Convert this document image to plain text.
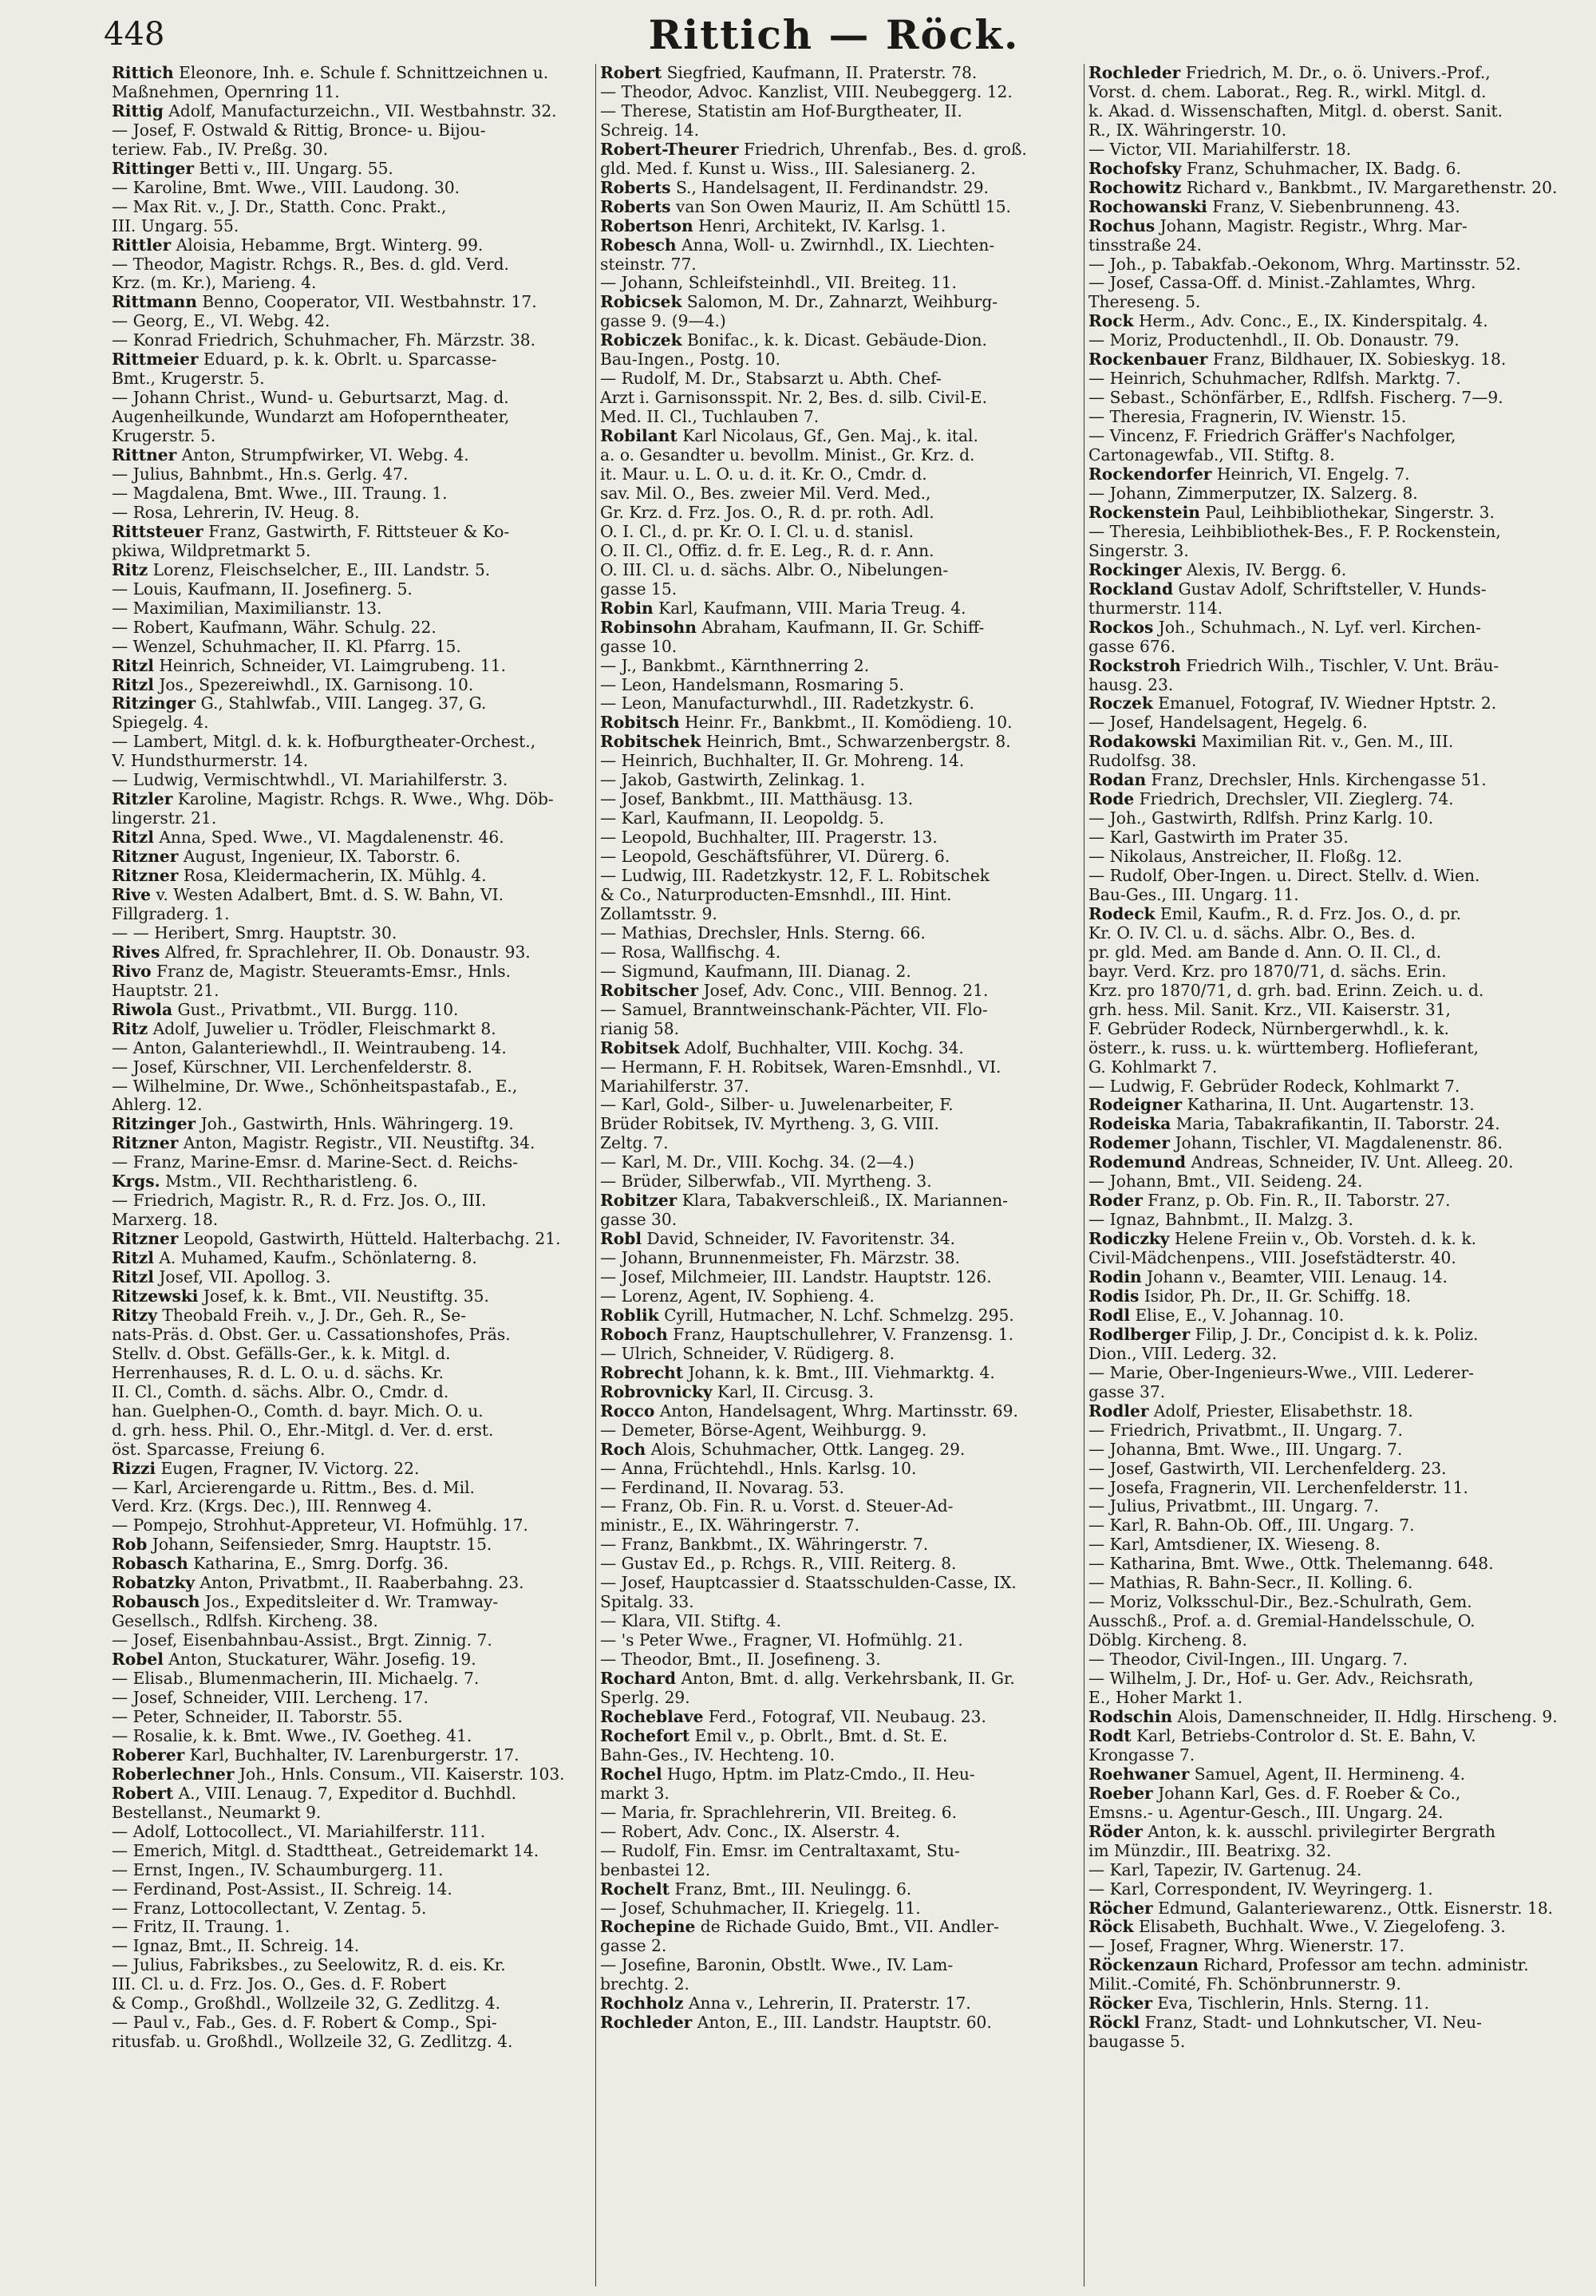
448	Rittich — Röck.
Rittich Eleonore, Inh. e. Schule f. Schnittzeichnen u.
Maßnehmen, Opernring 11.
Rittig Adolf, Manufacturzeichn., VII. Westbahnstr. 32.
— Josef, F. Ostwald & Rittig, Bronce- u. Bijou-
teriew. Fab., IV. Preßg. 30.
Rittinger Betti v., III. Ungarg. 55.
— Karoline, Bmt. Wwe., VIII. Laudong. 30.
— Max Rit. v., J. Dr., Statth. Conc. Prakt.,
III. Ungarg. 55.
Rittler Aloisia, Hebamme, Brgt. Winterg. 99.
— Theodor, Magistr. Rchgs. R., Bes. d. gld. Verd.
Krz. (m. Kr.), Marieng. 4.
Rittmann Benno, Cooperator, VII. Westbahnstr. 17.
— Georg, E., VI. Webg. 42.
— Konrad Friedrich, Schuhmacher, Fh. Märzstr. 38.
Rittmeier Eduard, p. k. k. Obrlt. u. Sparcasse-
Bmt., Krugerstr. 5.
— Johann Christ., Wund- u. Geburtsarzt, Mag. d.
Augenheilkunde, Wundarzt am Hofoperntheater,
Krugerstr. 5.
Rittner Anton, Strumpfwirker, VI. Webg. 4.
— Julius, Bahnbmt., Hn.s. Gerlg. 47.
— Magdalena, Bmt. Wwe., III. Traung. 1.
— Rosa, Lehrerin, IV. Heug. 8.
Rittsteuer Franz, Gastwirth, F. Rittsteuer & Ko-
pkiwa, Wildpretmarkt 5.
Ritz Lorenz, Fleischselcher, E., III. Landstr. 5.
— Louis, Kaufmann, II. Josefinerg. 5.
— Maximilian, Maximilianstr. 13.
— Robert, Kaufmann, Währ. Schulg. 22.
— Wenzel, Schuhmacher, II. Kl. Pfarrg. 15.
Ritzl Heinrich, Schneider, VI. Laimgrubeng. 11.
Ritzl Jos., Spezereiwhdl., IX. Garnisong. 10.
Ritzinger G., Stahlwfab., VIII. Langeg. 37, G.
Spiegelg. 4.
— Lambert, Mitgl. d. k. k. Hofburgtheater-Orchest.,
V. Hundsthurmerstr. 14.
— Ludwig, Vermischtwhdl., VI. Mariahilferstr. 3.
Ritzler Karoline, Magistr. Rchgs. R. Wwe., Whg. Döb-
lingerstr. 21.
Ritzl Anna, Sped. Wwe., VI. Magdalenenstr. 46.
Ritzner August, Ingenieur, IX. Taborstr. 6.
Ritzner Rosa, Kleidermacherin, IX. Mühlg. 4.
Rive v. Westen Adalbert, Bmt. d. S. W. Bahn, VI.
Fillgraderg. 1.
— — Heribert, Smrg. Hauptstr. 30.
Rives Alfred, fr. Sprachlehrer, II. Ob. Donaustr. 93.
Rivo Franz de, Magistr. Steueramts-Emsr., Hnls.
Hauptstr. 21.
Riwola Gust., Privatbmt., VII. Burgg. 110.
Ritz Adolf, Juwelier u. Trödler, Fleischmarkt 8.
— Anton, Galanteriewhdl., II. Weintraubeng. 14.
— Josef, Kürschner, VII. Lerchenfelderstr. 8.
— Wilhelmine, Dr. Wwe., Schönheitspastafab., E.,
Ahlerg. 12.
Ritzinger Joh., Gastwirth, Hnls. Währingerg. 19.
Ritzner Anton, Magistr. Registr., VII. Neustiftg. 34.
— Franz, Marine-Emsr. d. Marine-Sect. d. Reichs-
Krgs. Mstm., VII. Rechtharistleng. 6.
— Friedrich, Magistr. R., R. d. Frz. Jos. O., III.
Marxerg. 18.
Ritzner Leopold, Gastwirth, Hütteld. Halterbachg. 21.
Ritzl A. Muhamed, Kaufm., Schönlaterng. 8.
Ritzl Josef, VII. Apollog. 3.
Ritzewski Josef, k. k. Bmt., VII. Neustiftg. 35.
Ritzy Theobald Freih. v., J. Dr., Geh. R., Se-
nats-Präs. d. Obst. Ger. u. Cassationshofes, Präs.
Stellv. d. Obst. Gefälls-Ger., k. k. Mitgl. d.
Herrenhauses, R. d. L. O. u. d. sächs. Kr.
II. Cl., Comth. d. sächs. Albr. O., Cmdr. d.
han. Guelphen-O., Comth. d. bayr. Mich. O. u.
d. grh. hess. Phil. O., Ehr.-Mitgl. d. Ver. d. erst.
öst. Sparcasse, Freiung 6.
Rizzi Eugen, Fragner, IV. Victorg. 22.
— Karl, Arcierengarde u. Rittm., Bes. d. Mil.
Verd. Krz. (Krgs. Dec.), III. Rennweg 4.
— Pompejo, Strohhut-Appreteur, VI. Hofmühlg. 17.
Rob Johann, Seifensieder, Smrg. Hauptstr. 15.
Robasch Katharina, E., Smrg. Dorfg. 36.
Robatzky Anton, Privatbmt., II. Raaberbahng. 23.
Robausch Jos., Expeditsleiter d. Wr. Tramway-
Gesellsch., Rdlfsh. Kircheng. 38.
— Josef, Eisenbahnbau-Assist., Brgt. Zinnig. 7.
Robel Anton, Stuckaturer, Währ. Josefig. 19.
— Elisab., Blumenmacherin, III. Michaelg. 7.
— Josef, Schneider, VIII. Lercheng. 17.
— Peter, Schneider, II. Taborstr. 55.
— Rosalie, k. k. Bmt. Wwe., IV. Goetheg. 41.
Roberer Karl, Buchhalter, IV. Larenburgerstr. 17.
Roberlechner Joh., Hnls. Consum., VII. Kaiserstr. 103.
Robert A., VIII. Lenaug. 7, Expeditor d. Buchhdl.
Bestellanst., Neumarkt 9.
— Adolf, Lottocollect., VI. Mariahilferstr. 111.
— Emerich, Mitgl. d. Stadttheat., Getreidemarkt 14.
— Ernst, Ingen., IV. Schaumburgerg. 11.
— Ferdinand, Post-Assist., II. Schreig. 14.
— Franz, Lottocollectant, V. Zentag. 5.
— Fritz, II. Traung. 1.
— Ignaz, Bmt., II. Schreig. 14.
— Julius, Fabriksbes., zu Seelowitz, R. d. eis. Kr.
III. Cl. u. d. Frz. Jos. O., Ges. d. F. Robert
& Comp., Großhdl., Wollzeile 32, G. Zedlitzg. 4.
— Paul v., Fab., Ges. d. F. Robert & Comp., Spi-
ritusfab. u. Großhdl., Wollzeile 32, G. Zedlitzg. 4.
Robert Siegfried, Kaufmann, II. Praterstr. 78.
— Theodor, Advoc. Kanzlist, VIII. Neubeggerg. 12.
— Therese, Statistin am Hof-Burgtheater, II.
Schreig. 14.
Robert-Theurer Friedrich, Uhrenfab., Bes. d. groß.
gld. Med. f. Kunst u. Wiss., III. Salesianerg. 2.
Roberts S., Handelsagent, II. Ferdinandstr. 29.
Roberts van Son Owen Mauriz, II. Am Schüttl 15.
Robertson Henri, Architekt, IV. Karlsg. 1.
Robesch Anna, Woll- u. Zwirnhdl., IX. Liechten-
steinstr. 77.
— Johann, Schleifsteinhdl., VII. Breiteg. 11.
Robicsek Salomon, M. Dr., Zahnarzt, Weihburg-
gasse 9. (9—4.)
Robiczek Bonifac., k. k. Dicast. Gebäude-Dion.
Bau-Ingen., Postg. 10.
— Rudolf, M. Dr., Stabsarzt u. Abth. Chef-
Arzt i. Garnisonsspit. Nr. 2, Bes. d. silb. Civil-E.
Med. II. Cl., Tuchlauben 7.
Robilant Karl Nicolaus, Gf., Gen. Maj., k. ital.
a. o. Gesandter u. bevollm. Minist., Gr. Krz. d.
it. Maur. u. L. O. u. d. it. Kr. O., Cmdr. d.
sav. Mil. O., Bes. zweier Mil. Verd. Med.,
Gr. Krz. d. Frz. Jos. O., R. d. pr. roth. Adl.
O. I. Cl., d. pr. Kr. O. I. Cl. u. d. stanisl.
O. II. Cl., Offiz. d. fr. E. Leg., R. d. r. Ann.
O. III. Cl. u. d. sächs. Albr. O., Nibelungen-
gasse 15.
Robin Karl, Kaufmann, VIII. Maria Treug. 4.
Robinsohn Abraham, Kaufmann, II. Gr. Schiff-
gasse 10.
— J., Bankbmt., Kärnthnerring 2.
— Leon, Handelsmann, Rosmaring 5.
— Leon, Manufacturwhdl., III. Radetzkystr. 6.
Robitsch Heinr. Fr., Bankbmt., II. Komödieng. 10.
Robitschek Heinrich, Bmt., Schwarzenbergstr. 8.
— Heinrich, Buchhalter, II. Gr. Mohreng. 14.
— Jakob, Gastwirth, Zelinkag. 1.
— Josef, Bankbmt., III. Matthäusg. 13.
— Karl, Kaufmann, II. Leopoldg. 5.
— Leopold, Buchhalter, III. Pragerstr. 13.
— Leopold, Geschäftsführer, VI. Dürerg. 6.
— Ludwig, III. Radetzkystr. 12, F. L. Robitschek
& Co., Naturproducten-Emsnhdl., III. Hint.
Zollamtsstr. 9.
— Mathias, Drechsler, Hnls. Sterng. 66.
— Rosa, Wallfischg. 4.
— Sigmund, Kaufmann, III. Dianag. 2.
Robitscher Josef, Adv. Conc., VIII. Bennog. 21.
— Samuel, Branntweinschank-Pächter, VII. Flo-
rianig 58.
Robitsek Adolf, Buchhalter, VIII. Kochg. 34.
— Hermann, F. H. Robitsek, Waren-Emsnhdl., VI.
Mariahilferstr. 37.
— Karl, Gold-, Silber- u. Juwelenarbeiter, F.
Brüder Robitsek, IV. Myrtheng. 3, G. VIII.
Zeltg. 7.
— Karl, M. Dr., VIII. Kochg. 34. (2—4.)
— Brüder, Silberwfab., VII. Myrtheng. 3.
Robitzer Klara, Tabakverschleiß., IX. Mariannen-
gasse 30.
Robl David, Schneider, IV. Favoritenstr. 34.
— Johann, Brunnenmeister, Fh. Märzstr. 38.
— Josef, Milchmeier, III. Landstr. Hauptstr. 126.
— Lorenz, Agent, IV. Sophieng. 4.
Roblik Cyrill, Hutmacher, N. Lchf. Schmelzg. 295.
Roboch Franz, Hauptschullehrer, V. Franzensg. 1.
— Ulrich, Schneider, V. Rüdigerg. 8.
Robrecht Johann, k. k. Bmt., III. Viehmarktg. 4.
Robrovnicky Karl, II. Circusg. 3.
Rocco Anton, Handelsagent, Whrg. Martinsstr. 69.
— Demeter, Börse-Agent, Weihburgg. 9.
Roch Alois, Schuhmacher, Ottk. Langeg. 29.
— Anna, Früchtehdl., Hnls. Karlsg. 10.
— Ferdinand, II. Novarag. 53.
— Franz, Ob. Fin. R. u. Vorst. d. Steuer-Ad-
ministr., E., IX. Währingerstr. 7.
— Franz, Bankbmt., IX. Währingerstr. 7.
— Gustav Ed., p. Rchgs. R., VIII. Reiterg. 8.
— Josef, Hauptcassier d. Staatsschulden-Casse, IX.
Spitalg. 33.
— Klara, VII. Stiftg. 4.
— 's Peter Wwe., Fragner, VI. Hofmühlg. 21.
— Theodor, Bmt., II. Josefineng. 3.
Rochard Anton, Bmt. d. allg. Verkehrsbank, II. Gr.
Sperlg. 29.
Rocheblave Ferd., Fotograf, VII. Neubaug. 23.
Rochefort Emil v., p. Obrlt., Bmt. d. St. E.
Bahn-Ges., IV. Hechteng. 10.
Rochel Hugo, Hptm. im Platz-Cmdo., II. Heu-
markt 3.
— Maria, fr. Sprachlehrerin, VII. Breiteg. 6.
— Robert, Adv. Conc., IX. Alserstr. 4.
— Rudolf, Fin. Emsr. im Centraltaxamt, Stu-
benbastei 12.
Rochelt Franz, Bmt., III. Neulingg. 6.
— Josef, Schuhmacher, II. Kriegelg. 11.
Rochepine de Richade Guido, Bmt., VII. Andler-
gasse 2.
— Josefine, Baronin, Obstlt. Wwe., IV. Lam-
brechtg. 2.
Rochholz Anna v., Lehrerin, II. Praterstr. 17.
Rochleder Anton, E., III. Landstr. Hauptstr. 60.
Rochleder Friedrich, M. Dr., o. ö. Univers.-Prof.,
Vorst. d. chem. Laborat., Reg. R., wirkl. Mitgl. d.
k. Akad. d. Wissenschaften, Mitgl. d. oberst. Sanit.
R., IX. Währingerstr. 10.
— Victor, VII. Mariahilferstr. 18.
Rochofsky Franz, Schuhmacher, IX. Badg. 6.
Rochowitz Richard v., Bankbmt., IV. Margarethenstr. 20.
Rochowanski Franz, V. Siebenbrunneng. 43.
Rochus Johann, Magistr. Registr., Whrg. Mar-
tinsstraße 24.
— Joh., p. Tabakfab.-Oekonom, Whrg. Martinsstr. 52.
— Josef, Cassa-Off. d. Minist.-Zahlamtes, Whrg.
Thereseng. 5.
Rock Herm., Adv. Conc., E., IX. Kinderspitalg. 4.
— Moriz, Productenhdl., II. Ob. Donaustr. 79.
Rockenbauer Franz, Bildhauer, IX. Sobieskyg. 18.
— Heinrich, Schuhmacher, Rdlfsh. Marktg. 7.
— Sebast., Schönfärber, E., Rdlfsh. Fischerg. 7—9.
— Theresia, Fragnerin, IV. Wienstr. 15.
— Vincenz, F. Friedrich Gräffer's Nachfolger,
Cartonagewfab., VII. Stiftg. 8.
Rockendorfer Heinrich, VI. Engelg. 7.
— Johann, Zimmerputzer, IX. Salzerg. 8.
Rockenstein Paul, Leihbibliothekar, Singerstr. 3.
— Theresia, Leihbibliothek-Bes., F. P. Rockenstein,
Singerstr. 3.
Rockinger Alexis, IV. Bergg. 6.
Rockland Gustav Adolf, Schriftsteller, V. Hunds-
thurmerstr. 114.
Rockos Joh., Schuhmach., N. Lyf. verl. Kirchen-
gasse 676.
Rockstroh Friedrich Wilh., Tischler, V. Unt. Bräu-
hausg. 23.
Roczek Emanuel, Fotograf, IV. Wiedner Hptstr. 2.
— Josef, Handelsagent, Hegelg. 6.
Rodakowski Maximilian Rit. v., Gen. M., III.
Rudolfsg. 38.
Rodan Franz, Drechsler, Hnls. Kirchengasse 51.
Rode Friedrich, Drechsler, VII. Zieglerg. 74.
— Joh., Gastwirth, Rdlfsh. Prinz Karlg. 10.
— Karl, Gastwirth im Prater 35.
— Nikolaus, Anstreicher, II. Floßg. 12.
— Rudolf, Ober-Ingen. u. Direct. Stellv. d. Wien.
Bau-Ges., III. Ungarg. 11.
Rodeck Emil, Kaufm., R. d. Frz. Jos. O., d. pr.
Kr. O. IV. Cl. u. d. sächs. Albr. O., Bes. d.
pr. gld. Med. am Bande d. Ann. O. II. Cl., d.
bayr. Verd. Krz. pro 1870/71, d. sächs. Erin.
Krz. pro 1870/71, d. grh. bad. Erinn. Zeich. u. d.
grh. hess. Mil. Sanit. Krz., VII. Kaiserstr. 31,
F. Gebrüder Rodeck, Nürnbergerwhdl., k. k.
österr., k. russ. u. k. württemberg. Hoflieferant,
G. Kohlmarkt 7.
— Ludwig, F. Gebrüder Rodeck, Kohlmarkt 7.
Rodeigner Katharina, II. Unt. Augartenstr. 13.
Rodeiska Maria, Tabakrafikantin, II. Taborstr. 24.
Rodemer Johann, Tischler, VI. Magdalenenstr. 86.
Rodemund Andreas, Schneider, IV. Unt. Alleeg. 20.
— Johann, Bmt., VII. Seideng. 24.
Roder Franz, p. Ob. Fin. R., II. Taborstr. 27.
— Ignaz, Bahnbmt., II. Malzg. 3.
Rodiczky Helene Freiin v., Ob. Vorsteh. d. k. k.
Civil-Mädchenpens., VIII. Josefstädterstr. 40.
Rodin Johann v., Beamter, VIII. Lenaug. 14.
Rodis Isidor, Ph. Dr., II. Gr. Schiffg. 18.
Rodl Elise, E., V. Johannag. 10.
Rodlberger Filip, J. Dr., Concipist d. k. k. Poliz.
Dion., VIII. Lederg. 32.
— Marie, Ober-Ingenieurs-Wwe., VIII. Lederer-
gasse 37.
Rodler Adolf, Priester, Elisabethstr. 18.
— Friedrich, Privatbmt., II. Ungarg. 7.
— Johanna, Bmt. Wwe., III. Ungarg. 7.
— Josef, Gastwirth, VII. Lerchenfelderg. 23.
— Josefa, Fragnerin, VII. Lerchenfelderstr. 11.
— Julius, Privatbmt., III. Ungarg. 7.
— Karl, R. Bahn-Ob. Off., III. Ungarg. 7.
— Karl, Amtsdiener, IX. Wieseng. 8.
— Katharina, Bmt. Wwe., Ottk. Thelemanng. 648.
— Mathias, R. Bahn-Secr., II. Kolling. 6.
— Moriz, Volksschul-Dir., Bez.-Schulrath, Gem.
Ausschß., Prof. a. d. Gremial-Handelsschule, O.
Döblg. Kircheng. 8.
— Theodor, Civil-Ingen., III. Ungarg. 7.
— Wilhelm, J. Dr., Hof- u. Ger. Adv., Reichsrath,
E., Hoher Markt 1.
Rodschin Alois, Damenschneider, II. Hdlg. Hirscheng. 9.
Rodt Karl, Betriebs-Controlor d. St. E. Bahn, V.
Krongasse 7.
Roehwaner Samuel, Agent, II. Hermineng. 4.
Roeber Johann Karl, Ges. d. F. Roeber & Co.,
Emsns.- u. Agentur-Gesch., III. Ungarg. 24.
Röder Anton, k. k. ausschl. privilegirter Bergrath
im Münzdir., III. Beatrixg. 32.
— Karl, Tapezir, IV. Gartenug. 24.
— Karl, Correspondent, IV. Weyringerg. 1.
Röcher Edmund, Galanteriewarenz., Ottk. Eisnerstr. 18.
Röck Elisabeth, Buchhalt. Wwe., V. Ziegelofeng. 3.
— Josef, Fragner, Whrg. Wienerstr. 17.
Röckenzaun Richard, Professor am techn. administr.
Milit.-Comité, Fh. Schönbrunnerstr. 9.
Röcker Eva, Tischlerin, Hnls. Sterng. 11.
Röckl Franz, Stadt- und Lohnkutscher, VI. Neu-
baugasse 5.
